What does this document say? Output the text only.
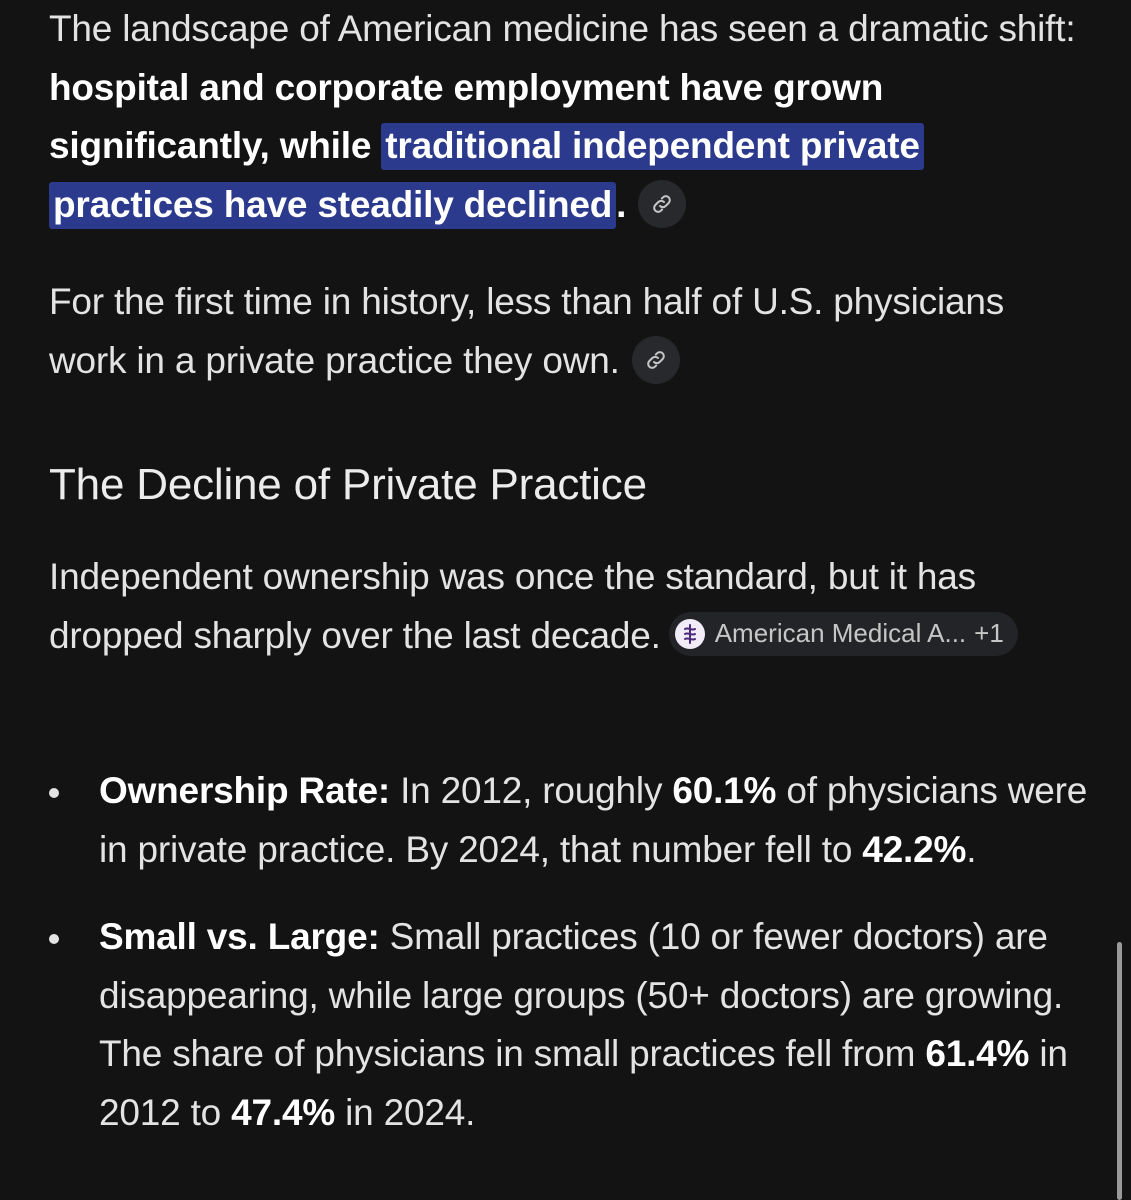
The landscape of American medicine has seen a dramatic shift: hospital and corporate employment have grown significantly, while traditional independent private practices have steadily declined .

For the first time in history, less than half of U.S. physicians work in a private practice they own.

The Decline of Private Practice

Independent ownership was once the standard, but it has dropped sharply over the last decade. American Medical A... +1

Ownership Rate: In 2012, roughly 60.1% of physicians were in private practice. By 2024, that number fell to 42.2%.
Small vs. Large: Small practices (10 or fewer doctors) are disappearing, while large groups (50+ doctors) are growing. The share of physicians in small practices fell from 61.4% in 2012 to 47.4% in 2024.
